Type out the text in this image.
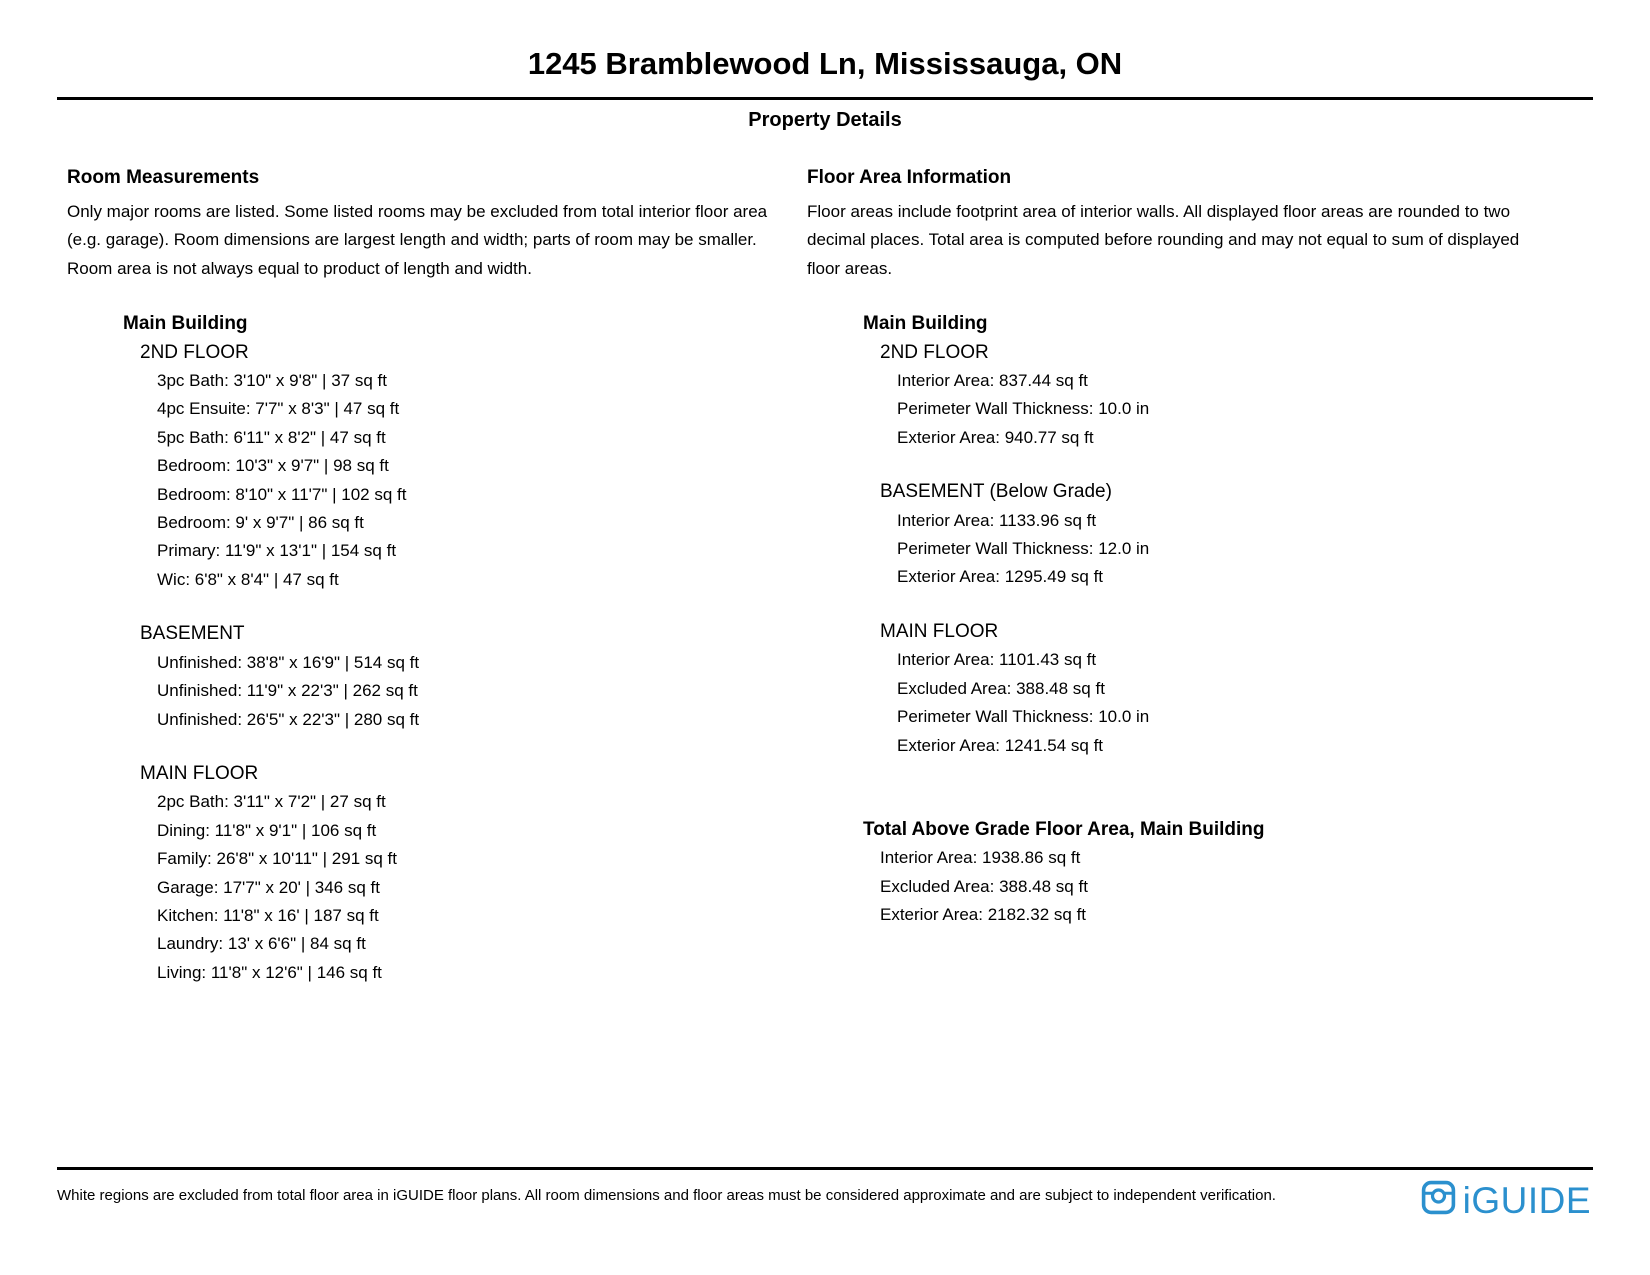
1245 Bramblewood Ln, Mississauga, ON
Property Details
Room Measurements
Only major rooms are listed. Some listed rooms may be excluded from total interior floor area
(e.g. garage). Room dimensions are largest length and width; parts of room may be smaller.
Room area is not always equal to product of length and width.
Main Building
2ND FLOOR
3pc Bath: 3'10" x 9'8" | 37 sq ft
4pc Ensuite: 7'7" x 8'3" | 47 sq ft
5pc Bath: 6'11" x 8'2" | 47 sq ft
Bedroom: 10'3" x 9'7" | 98 sq ft
Bedroom: 8'10" x 11'7" | 102 sq ft
Bedroom: 9' x 9'7" | 86 sq ft
Primary: 11'9" x 13'1" | 154 sq ft
Wic: 6'8" x 8'4" | 47 sq ft
BASEMENT
Unfinished: 38'8" x 16'9" | 514 sq ft
Unfinished: 11'9" x 22'3" | 262 sq ft
Unfinished: 26'5" x 22'3" | 280 sq ft
MAIN FLOOR
2pc Bath: 3'11" x 7'2" | 27 sq ft
Dining: 11'8" x 9'1" | 106 sq ft
Family: 26'8" x 10'11" | 291 sq ft
Garage: 17'7" x 20' | 346 sq ft
Kitchen: 11'8" x 16' | 187 sq ft
Laundry: 13' x 6'6" | 84 sq ft
Living: 11'8" x 12'6" | 146 sq ft
Floor Area Information
Floor areas include footprint area of interior walls. All displayed floor areas are rounded to two
decimal places. Total area is computed before rounding and may not equal to sum of displayed
floor areas.
Main Building
2ND FLOOR
Interior Area: 837.44 sq ft
Perimeter Wall Thickness: 10.0 in
Exterior Area: 940.77 sq ft
BASEMENT (Below Grade)
Interior Area: 1133.96 sq ft
Perimeter Wall Thickness: 12.0 in
Exterior Area: 1295.49 sq ft
MAIN FLOOR
Interior Area: 1101.43 sq ft
Excluded Area: 388.48 sq ft
Perimeter Wall Thickness: 10.0 in
Exterior Area: 1241.54 sq ft
Total Above Grade Floor Area, Main Building
Interior Area: 1938.86 sq ft
Excluded Area: 388.48 sq ft
Exterior Area: 2182.32 sq ft
White regions are excluded from total floor area in iGUIDE floor plans. All room dimensions and floor areas must be considered approximate and are subject to independent verification.	iGUIDE
